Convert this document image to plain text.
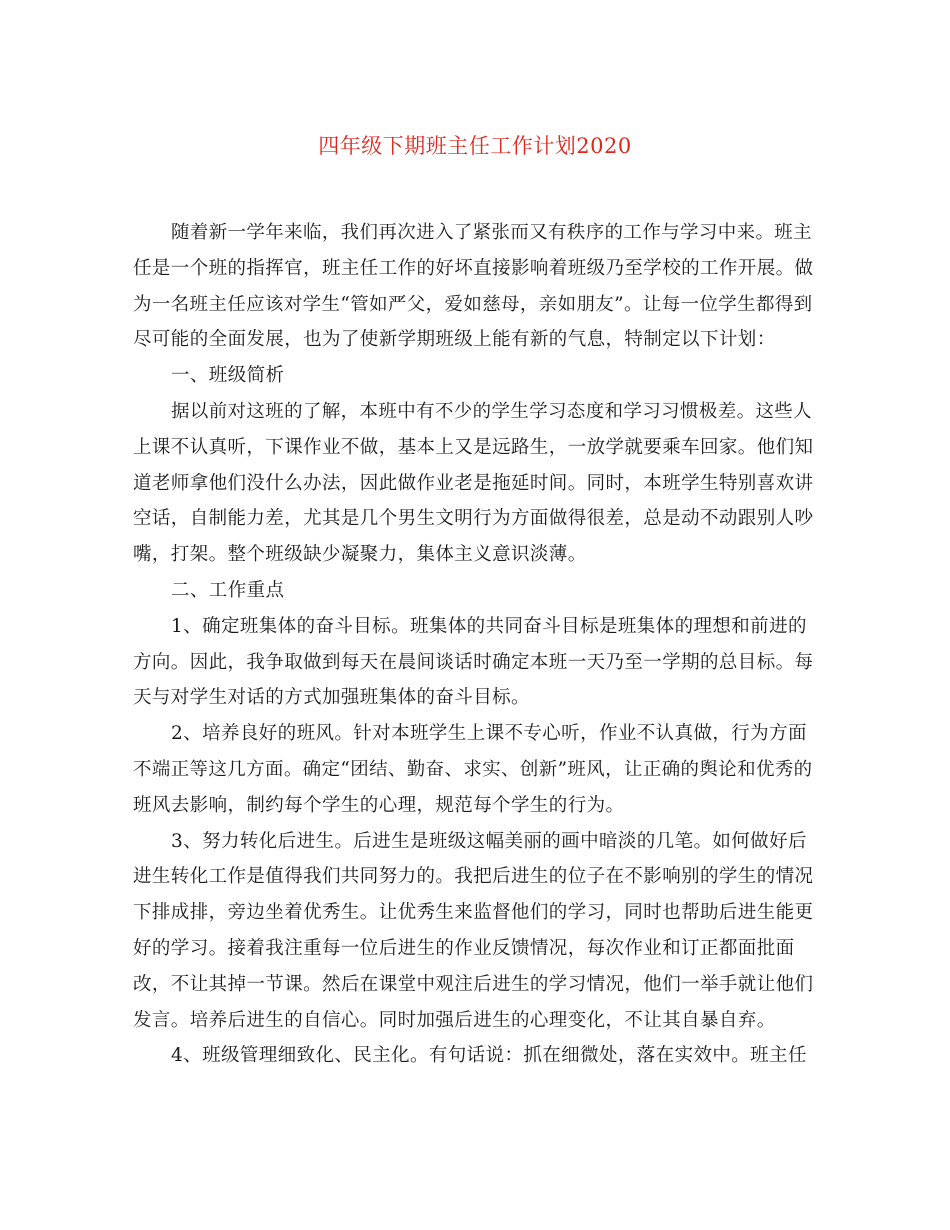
四年级下期班主任工作计划2020
随着新一学年来临，我们再次进入了紧张而又有秩序的工作与学习中来。班主
任是一个班的指挥官，班主任工作的好坏直接影响着班级乃至学校的工作开展。做
为一名班主任应该对学生“管如严父，爱如慈母，亲如朋友”。让每一位学生都得到
尽可能的全面发展，也为了使新学期班级上能有新的气息，特制定以下计划：
一、班级简析
据以前对这班的了解，本班中有不少的学生学习态度和学习习惯极差。这些人
上课不认真听，下课作业不做，基本上又是远路生，一放学就要乘车回家。他们知
道老师拿他们没什么办法，因此做作业老是拖延时间。同时，本班学生特别喜欢讲
空话，自制能力差，尤其是几个男生文明行为方面做得很差，总是动不动跟别人吵
嘴，打架。整个班级缺少凝聚力，集体主义意识淡薄。
二、工作重点
1、确定班集体的奋斗目标。班集体的共同奋斗目标是班集体的理想和前进的
方向。因此，我争取做到每天在晨间谈话时确定本班一天乃至一学期的总目标。每
天与对学生对话的方式加强班集体的奋斗目标。
2、培养良好的班风。针对本班学生上课不专心听，作业不认真做，行为方面
不端正等这几方面。确定“团结、勤奋、求实、创新”班风，让正确的舆论和优秀的
班风去影响，制约每个学生的心理，规范每个学生的行为。
3、努力转化后进生。后进生是班级这幅美丽的画中暗淡的几笔。如何做好后
进生转化工作是值得我们共同努力的。我把后进生的位子在不影响别的学生的情况
下排成排，旁边坐着优秀生。让优秀生来监督他们的学习，同时也帮助后进生能更
好的学习。接着我注重每一位后进生的作业反馈情况，每次作业和订正都面批面
改，不让其掉一节课。然后在课堂中观注后进生的学习情况，他们一举手就让他们
发言。培养后进生的自信心。同时加强后进生的心理变化，不让其自暴自弃。
4、班级管理细致化、民主化。有句话说：抓在细微处，落在实效中。班主任
